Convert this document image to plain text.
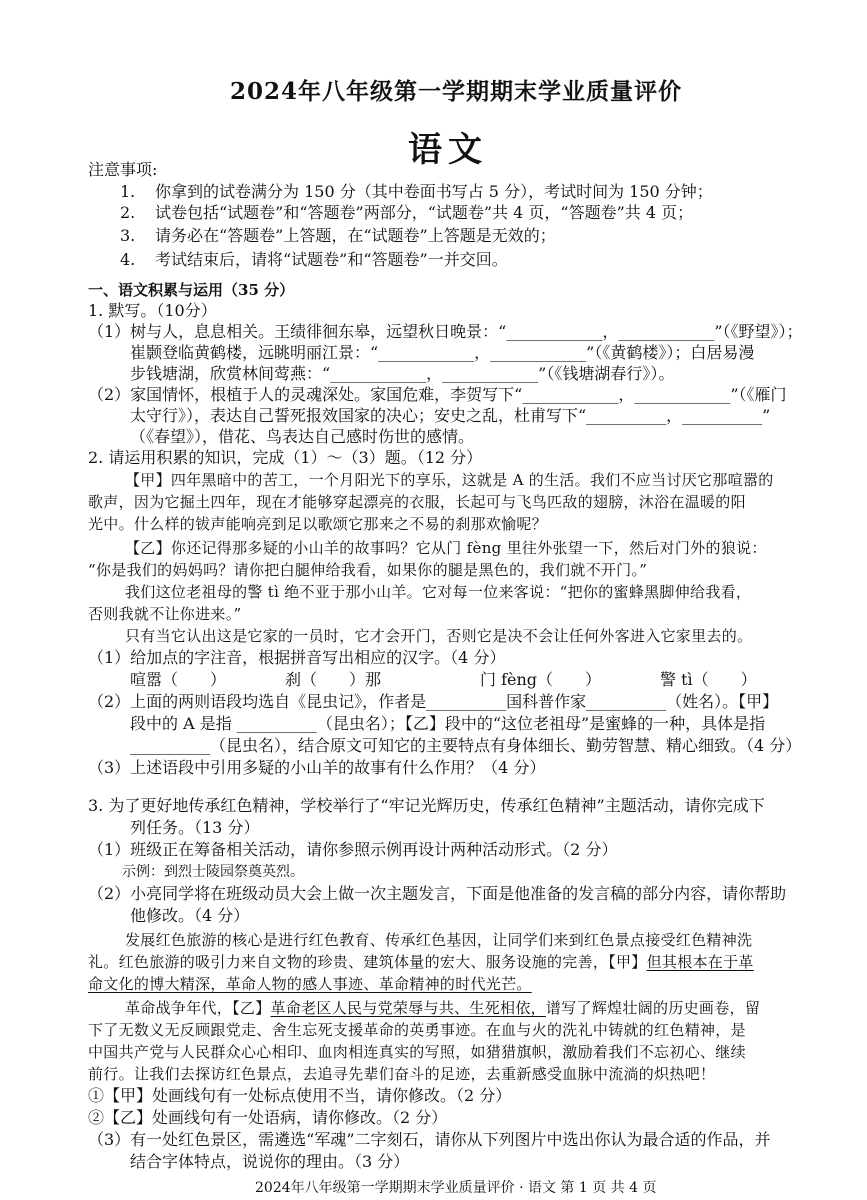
2024年八年级第一学期期末学业质量评价
语文
注意事项:
1. 你拿到的试卷满分为 150 分（其中卷面书写占 5 分），考试时间为 150 分钟；
2. 试卷包括“试题卷”和“答题卷”两部分，“试题卷”共 4 页，“答题卷”共 4 页；
3. 请务必在“答题卷”上答题，在“试题卷”上答题是无效的；
4. 考试结束后，请将“试题卷”和“答题卷”一并交回。
一、语文积累与运用（35 分）
1. 默写。（10分）
（1）树与人，息息相关。王绩徘徊东皋，远望秋日晚景：“____________，____________”（《野望》）；
崔颢登临黄鹤楼，远眺明丽江景：“____________，____________”（《黄鹤楼》）；白居易漫
步钱塘湖，欣赏林间莺燕：“____________，____________”（《钱塘湖春行》）。
（2）家国情怀，根植于人的灵魂深处。家国危难，李贺写下“____________，____________”（《雁门
太守行》），表达自己誓死报效国家的决心；安史之乱，杜甫写下“__________，__________”
（《春望》），借花、鸟表达自己感时伤世的感情。
2. 请运用积累的知识，完成（1）～（3）题。（12 分）
【甲】四年黑暗中的苦工，一个月阳光下的享乐，这就是 A 的生活。我们不应当讨厌它那喧嚣的
歌声，因为它掘土四年，现在才能够穿起漂亮的衣服，长起可与飞鸟匹敌的翅膀，沐浴在温暖的阳
光中。什么样的钹声能响亮到足以歌颂它那来之不易的刹那欢愉呢？
【乙】你还记得那多疑的小山羊的故事吗？它从门 fèng 里往外张望一下，然后对门外的狼说：
“你是我们的妈妈吗？请你把白腿伸给我看，如果你的腿是黑色的，我们就不开门。”
我们这位老祖母的警 tì 绝不亚于那小山羊。它对每一位来客说：“把你的蜜蜂黑脚伸给我看，
否则我就不让你进来。”
只有当它认出这是它家的一员时，它才会开门，否则它是决不会让任何外客进入它家里去的。
（1）给加点的字注音，根据拼音写出相应的汉字。（4 分）
喧嚣（　　）	刹（　　）那	门 fèng（　　）	警 tì（　　）
（2）上面的两则语段均选自《昆虫记》，作者是__________国科普作家__________（姓名）。【甲】
段中的 A 是指 __________（昆虫名）；【乙】段中的“这位老祖母”是蜜蜂的一种，具体是指
__________（昆虫名），结合原文可知它的主要特点有身体细长、勤劳智慧、精心细致。（4 分）
（3）上述语段中引用多疑的小山羊的故事有什么作用？（4 分）
3. 为了更好地传承红色精神，学校举行了“牢记光辉历史，传承红色精神”主题活动，请你完成下
列任务。（13 分）
（1）班级正在筹备相关活动，请你参照示例再设计两种活动形式。（2 分）
示例：到烈士陵园祭奠英烈。
（2）小亮同学将在班级动员大会上做一次主题发言，下面是他准备的发言稿的部分内容，请你帮助
他修改。（4 分）
发展红色旅游的核心是进行红色教育、传承红色基因，让同学们来到红色景点接受红色精神洗
礼。红色旅游的吸引力来自文物的珍贵、建筑体量的宏大、服务设施的完善，【甲】但其根本在于革
命文化的博大精深，革命人物的感人事迹、革命精神的时代光芒。
革命战争年代，【乙】革命老区人民与党荣辱与共、生死相依，谱写了辉煌壮阔的历史画卷，留
下了无数义无反顾跟党走、舍生忘死支援革命的英勇事迹。在血与火的洗礼中铸就的红色精神，是
中国共产党与人民群众心心相印、血肉相连真实的写照，如猎猎旗帜，激励着我们不忘初心、继续
前行。让我们去探访红色景点，去追寻先辈们奋斗的足迹，去重新感受血脉中流淌的炽热吧！
①【甲】处画线句有一处标点使用不当，请你修改。（2 分）
②【乙】处画线句有一处语病，请你修改。（2 分）
（3）有一处红色景区，需遴选“军魂”二字刻石，请你从下列图片中选出你认为最合适的作品，并
结合字体特点，说说你的理由。（3 分）
2024年八年级第一学期期末学业质量评价 · 语文 第 1 页 共 4 页
